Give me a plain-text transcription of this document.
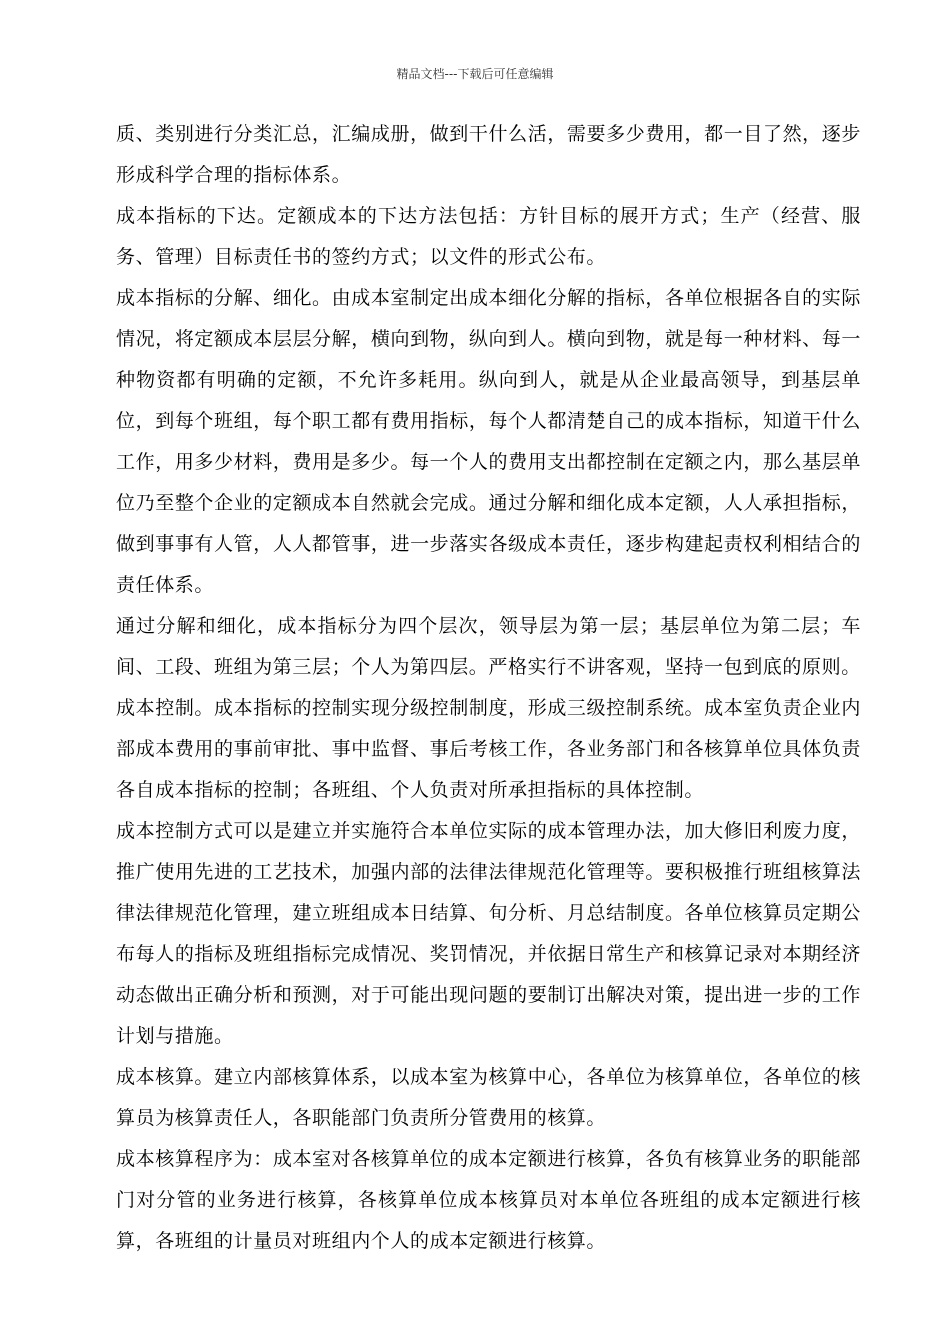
精品文档---下载后可任意编辑

质、类别进行分类汇总，汇编成册，做到干什么活，需要多少费用，都一目了然，逐步形成科学合理的指标体系。

成本指标的下达。定额成本的下达方法包括：方针目标的展开方式；生产（经营、服务、管理）目标责任书的签约方式；以文件的形式公布。

成本指标的分解、细化。由成本室制定出成本细化分解的指标，各单位根据各自的实际情况，将定额成本层层分解，横向到物，纵向到人。横向到物，就是每一种材料、每一种物资都有明确的定额，不允许多耗用。纵向到人，就是从企业最高领导，到基层单位，到每个班组，每个职工都有费用指标，每个人都清楚自己的成本指标，知道干什么工作，用多少材料，费用是多少。每一个人的费用支出都控制在定额之内，那么基层单位乃至整个企业的定额成本自然就会完成。通过分解和细化成本定额，人人承担指标，做到事事有人管，人人都管事，进一步落实各级成本责任，逐步构建起责权利相结合的责任体系。

通过分解和细化，成本指标分为四个层次，领导层为第一层；基层单位为第二层；车间、工段、班组为第三层；个人为第四层。严格实行不讲客观，坚持一包到底的原则。

成本控制。成本指标的控制实现分级控制制度，形成三级控制系统。成本室负责企业内部成本费用的事前审批、事中监督、事后考核工作，各业务部门和各核算单位具体负责各自成本指标的控制；各班组、个人负责对所承担指标的具体控制。

成本控制方式可以是建立并实施符合本单位实际的成本管理办法，加大修旧利废力度，推广使用先进的工艺技术，加强内部的法律法律规范化管理等。要积极推行班组核算法律法律规范化管理，建立班组成本日结算、旬分析、月总结制度。各单位核算员定期公布每人的指标及班组指标完成情况、奖罚情况，并依据日常生产和核算记录对本期经济动态做出正确分析和预测，对于可能出现问题的要制订出解决对策，提出进一步的工作计划与措施。

成本核算。建立内部核算体系，以成本室为核算中心，各单位为核算单位，各单位的核算员为核算责任人，各职能部门负责所分管费用的核算。

成本核算程序为：成本室对各核算单位的成本定额进行核算，各负有核算业务的职能部门对分管的业务进行核算，各核算单位成本核算员对本单位各班组的成本定额进行核算，各班组的计量员对班组内个人的成本定额进行核算。
